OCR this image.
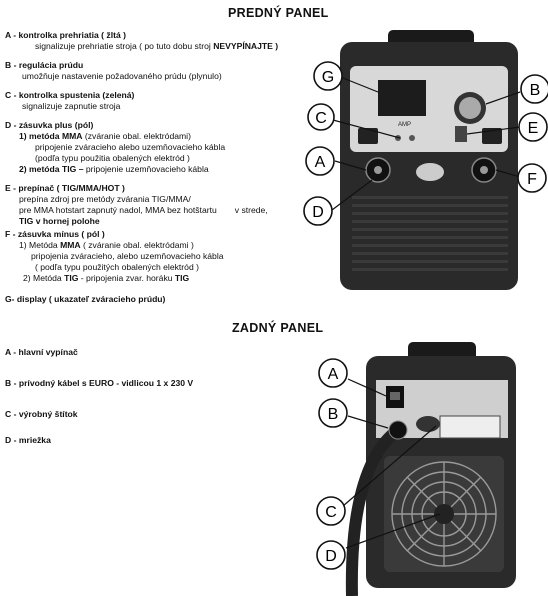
PREDNÝ PANEL
ZADNÝ PANEL
A - kontrolka prehriatia ( žltá )
signalizuje prehriatie stroja ( po tuto dobu stroj NEVYPÍNAJTE )
B - regulácia prúdu
umožňuje nastavenie požadovaného prúdu (plynulo)
C - kontrolka spustenia (zelená)
signalizuje zapnutie stroja
D - zásuvka plus (pól)
1) metóda MMA (zváranie obal. elektródami)
pripojenie zváracieho alebo uzemňovacieho kábla
(podľa typu použitia obalených elektród )
2) metóda TIG – pripojenie uzemňovacieho kábla
E - prepínač ( TIG/MMA/HOT )
prepína zdroj pre metódy zvárania TIG/MMA/
pre MMA hotstart zapnutý nadol, MMA bez hotštartu v strede,
TIG v hornej polohe
F - zásuvka mínus ( pól )
1) Metóda MMA ( zváranie obal. elektródami )
pripojenia zváracieho, alebo uzemňovacieho kábla
( podľa typu použitých obalených elektród )
2) Metóda TIG - pripojenia zvar. horáku TIG
G- display ( ukazateľ zváracieho prúdu)
A - hlavní vypínač
B - prívodný kábel s EURO - vidlicou 1 x 230 V
C - výrobný štítok
D - mriežka
AMP
G
B
C
E
A
F
D
A
B
C
D
